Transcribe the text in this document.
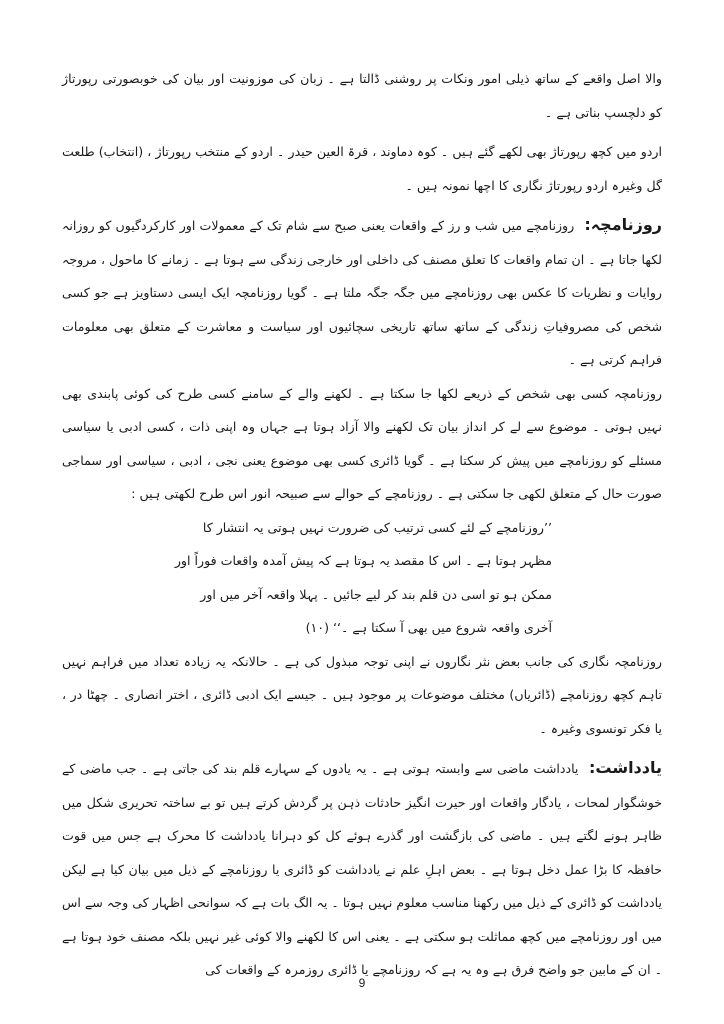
والا اصل واقعے کے ساتھ ذیلی امور ونکات پر روشنی ڈالتا ہے ۔ زبان کی موزونیت اور بیان کی خوبصورتی رپورتاژ کو دلچسپ بناتی ہے ۔

اردو میں کچھ رپورتاژ بھی لکھے گئے ہیں ۔ کوہ دماوند ، قرۃ العین حیدر ۔ اردو کے منتخب رپورتاژ ، (انتخاب) طلعت گل وغیرہ اردو رپورتاژ نگاری کا اچھا نمونہ ہیں ۔

روزنامچہ: روزنامچے میں شب و رز کے واقعات یعنی صبح سے شام تک کے معمولات اور کارکردگیوں کو روزانہ لکھا جاتا ہے ۔ ان تمام واقعات کا تعلق مصنف کی داخلی اور خارجی زندگی سے ہوتا ہے ۔ زمانے کا ماحول ، مروجہ روایات و نظریات کا عکس بھی روزنامچے میں جگہ جگہ ملتا ہے ۔ گویا روزنامچہ ایک ایسی دستاویز ہے جو کسی شخص کی مصروفیاتِ زندگی کے ساتھ ساتھ تاریخی سچائیوں اور سیاست و معاشرت کے متعلق بھی معلومات فراہم کرتی ہے ۔

روزنامچہ کسی بھی شخص کے ذریعے لکھا جا سکتا ہے ۔ لکھنے والے کے سامنے کسی طرح کی کوئی پابندی بھی نہیں ہوتی ۔ موضوع سے لے کر انداز بیان تک لکھنے والا آزاد ہوتا ہے جہاں وہ اپنی ذات ، کسی ادبی یا سیاسی مسئلے کو روزنامچے میں پیش کر سکتا ہے ۔ گویا ڈائری کسی بھی موضوع یعنی نجی ، ادبی ، سیاسی اور سماجی صورت حال کے متعلق لکھی جا سکتی ہے ۔ روزنامچے کے حوالے سے صبیحہ انور اس طرح لکھتی ہیں :

’’روزنامچے کے لئے کسی ترتیب کی ضرورت نہیں ہوتی یہ انتشار کا مظہر ہوتا ہے ۔ اس کا مقصد یہ ہوتا ہے کہ پیش آمدہ واقعات فوراً اور ممکن ہو تو اسی دن قلم بند کر لیے جائیں ۔ پہلا واقعہ آخر میں اور آخری واقعہ شروع میں بھی آ سکتا ہے ۔‘‘ (۱۰)

روزنامچہ نگاری کی جانب بعض نثر نگاروں نے اپنی توجہ مبذول کی ہے ۔ حالانکہ یہ زیادہ تعداد میں فراہم نہیں تاہم کچھ روزنامچے (ڈائریاں) مختلف موضوعات پر موجود ہیں ۔ جیسے ایک ادبی ڈائری ، اختر انصاری ۔ چھٹا در ، یا فکر تونسوی وغیرہ ۔

یادداشت: یادداشت ماضی سے وابستہ ہوتی ہے ۔ یہ یادوں کے سہارے قلم بند کی جاتی ہے ۔ جب ماضی کے خوشگوار لمحات ، یادگار واقعات اور حیرت انگیز حادثات ذہن پر گردش کرتے ہیں تو بے ساختہ تحریری شکل میں ظاہر ہونے لگتے ہیں ۔ ماضی کی بازگشت اور گذرے ہوئے کل کو دہرانا یادداشت کا محرک ہے جس میں قوت حافظہ کا بڑا عمل دخل ہوتا ہے ۔ بعض اہلِ علم نے یادداشت کو ڈائری یا روزنامچے کے ذیل میں بیان کیا ہے لیکن یادداشت کو ڈائری کے ذیل میں رکھنا مناسب معلوم نہیں ہوتا ۔ یہ الگ بات ہے کہ سوانحی اظہار کی وجہ سے اس میں اور روزنامچے میں کچھ مماثلت ہو سکتی ہے ۔ یعنی اس کا لکھنے والا کوئی غیر نہیں بلکہ مصنف خود ہوتا ہے ۔ ان کے مابین جو واضح فرق ہے وہ یہ ہے کہ روزنامچے یا ڈائری روزمرہ کے واقعات کی

9
